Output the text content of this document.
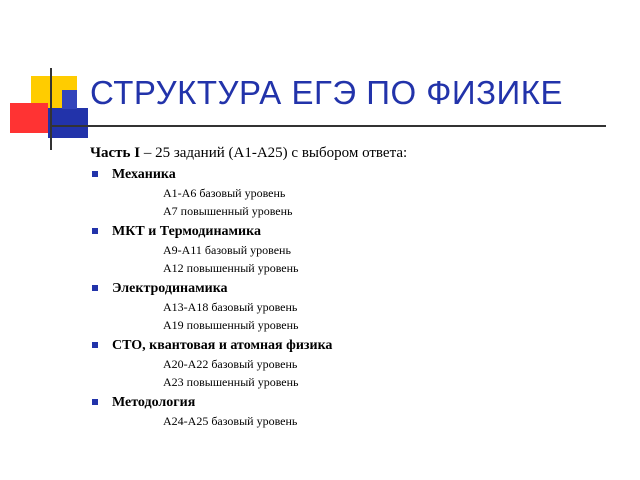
СТРУКТУРА ЕГЭ ПО ФИЗИКЕ
Часть I – 25 заданий (А1-А25) с выбором ответа:
Механика
А1-А6 базовый уровень
А7 повышенный уровень
МКТ и Термодинамика
А9-А11 базовый уровень
А12 повышенный уровень
Электродинамика
А13-А18 базовый уровень
А19 повышенный уровень
СТО, квантовая и атомная физика
А20-А22 базовый уровень
А23 повышенный уровень
Методология
А24-А25 базовый уровень
